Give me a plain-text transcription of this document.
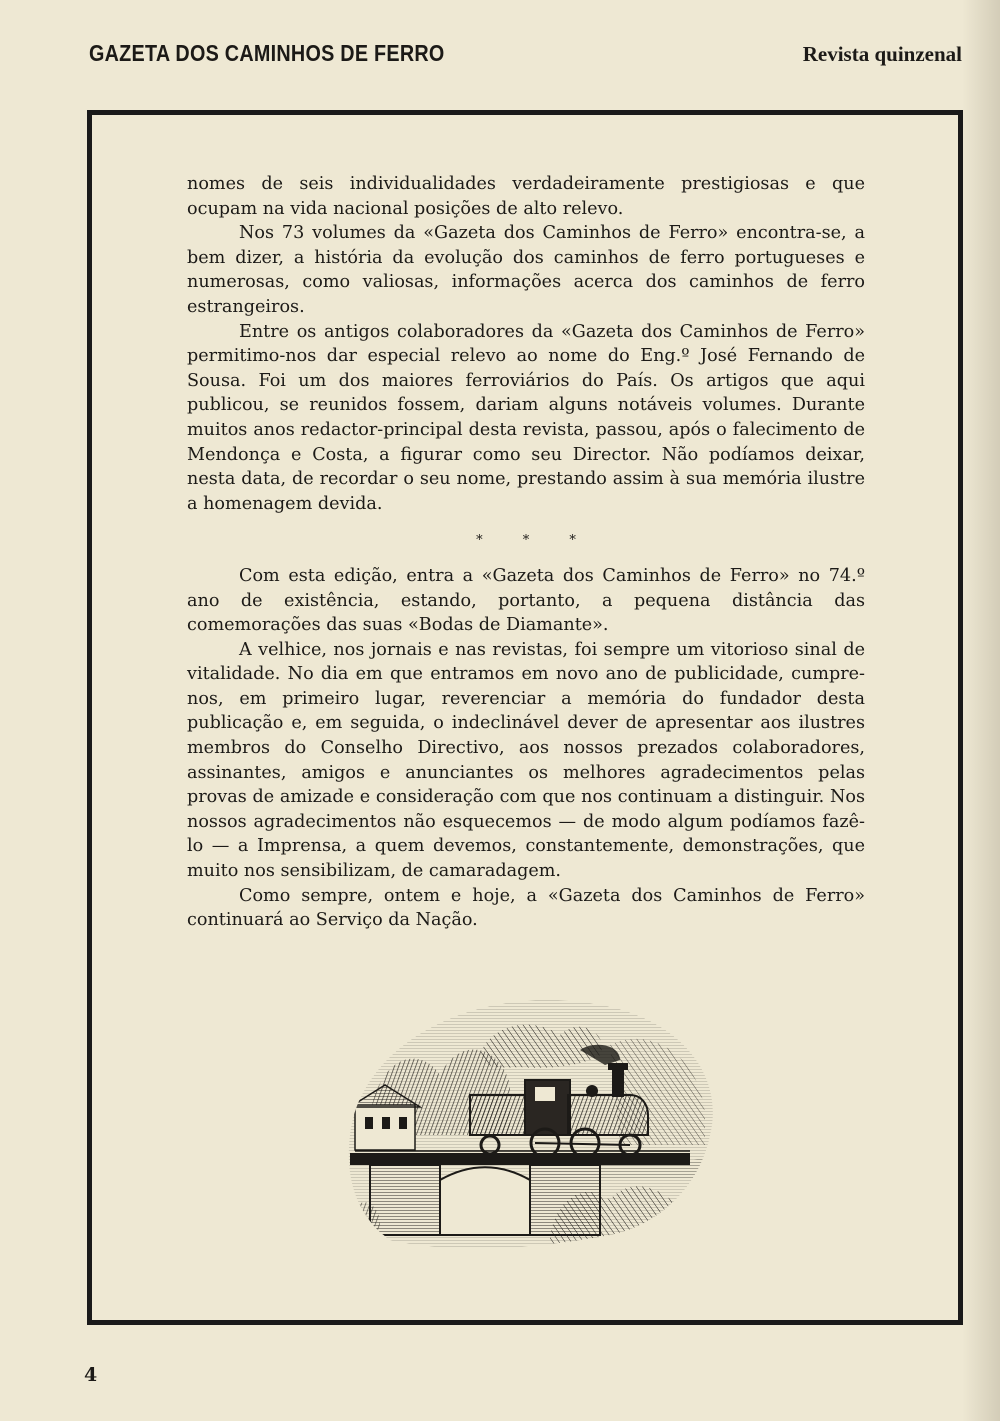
GAZETA DOS CAMINHOS DE FERRO	Revista quinzenal

nomes de seis individualidades verdadeiramente prestigiosas e que ocupam na vida nacional posições de alto relevo.

Nos 73 volumes da «Gazeta dos Caminhos de Ferro» encontra-se, a bem dizer, a história da evolução dos caminhos de ferro portugueses e numerosas, como valiosas, informações acerca dos caminhos de ferro estrangeiros.

Entre os antigos colaboradores da «Gazeta dos Caminhos de Ferro» permitimo-nos dar especial relevo ao nome do Eng.º José Fernando de Sousa. Foi um dos maiores ferroviários do País. Os artigos que aqui publicou, se reunidos fossem, dariam alguns notáveis volumes. Durante muitos anos redactor-principal desta revista, passou, após o falecimento de Mendonça e Costa, a figurar como seu Director. Não podíamos deixar, nesta data, de recordar o seu nome, prestando assim à sua memória ilustre a homenagem devida.

* * *

Com esta edição, entra a «Gazeta dos Caminhos de Ferro» no 74.º ano de existência, estando, portanto, a pequena distância das comemorações das suas «Bodas de Diamante».

A velhice, nos jornais e nas revistas, foi sempre um vitorioso sinal de vitalidade. No dia em que entramos em novo ano de publicidade, cumpre-nos, em primeiro lugar, reverenciar a memória do fundador desta publicação e, em seguida, o indeclinável dever de apresentar aos ilustres membros do Conselho Directivo, aos nossos prezados colaboradores, assinantes, amigos e anunciantes os melhores agradecimentos pelas provas de amizade e consideração com que nos continuam a distinguir. Nos nossos agradecimentos não esquecemos — de modo algum podíamos fazê-lo — a Imprensa, a quem devemos, constantemente, demonstrações, que muito nos sensibilizam, de camaradagem.

Como sempre, ontem e hoje, a «Gazeta dos Caminhos de Ferro» continuará ao Serviço da Nação.

4
